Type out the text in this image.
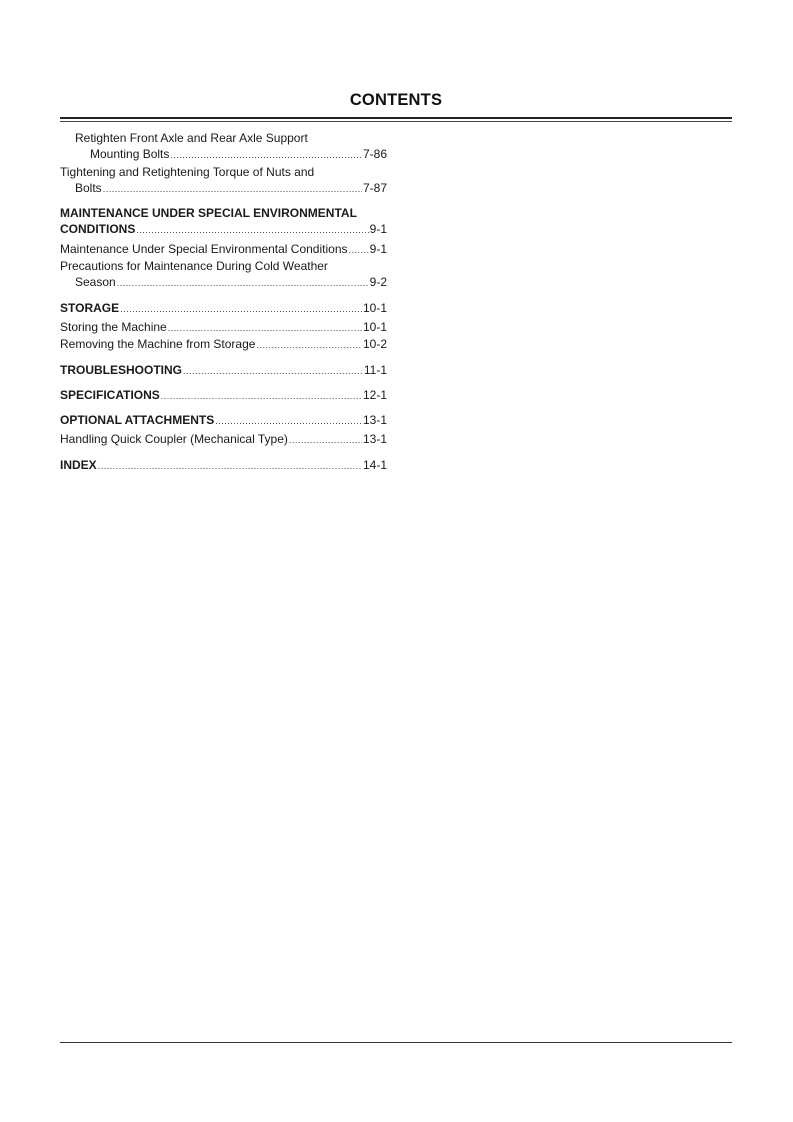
CONTENTS
Retighten Front Axle and Rear Axle Support
Mounting Bolts .....	7-86
Tightening and Retightening Torque of Nuts and
Bolts .....	7-87
MAINTENANCE UNDER SPECIAL ENVIRONMENTAL
CONDITIONS .....	9-1
Maintenance Under Special Environmental Conditions ..... 9-1
Precautions for Maintenance During Cold Weather
Season .....	9-2
STORAGE .....	10-1
Storing the Machine .....	10-1
Removing the Machine from Storage .....	10-2
TROUBLESHOOTING .....	11-1
SPECIFICATIONS .....	12-1
OPTIONAL ATTACHMENTS .....	13-1
Handling Quick Coupler (Mechanical Type) .....	13-1
INDEX .....	14-1
